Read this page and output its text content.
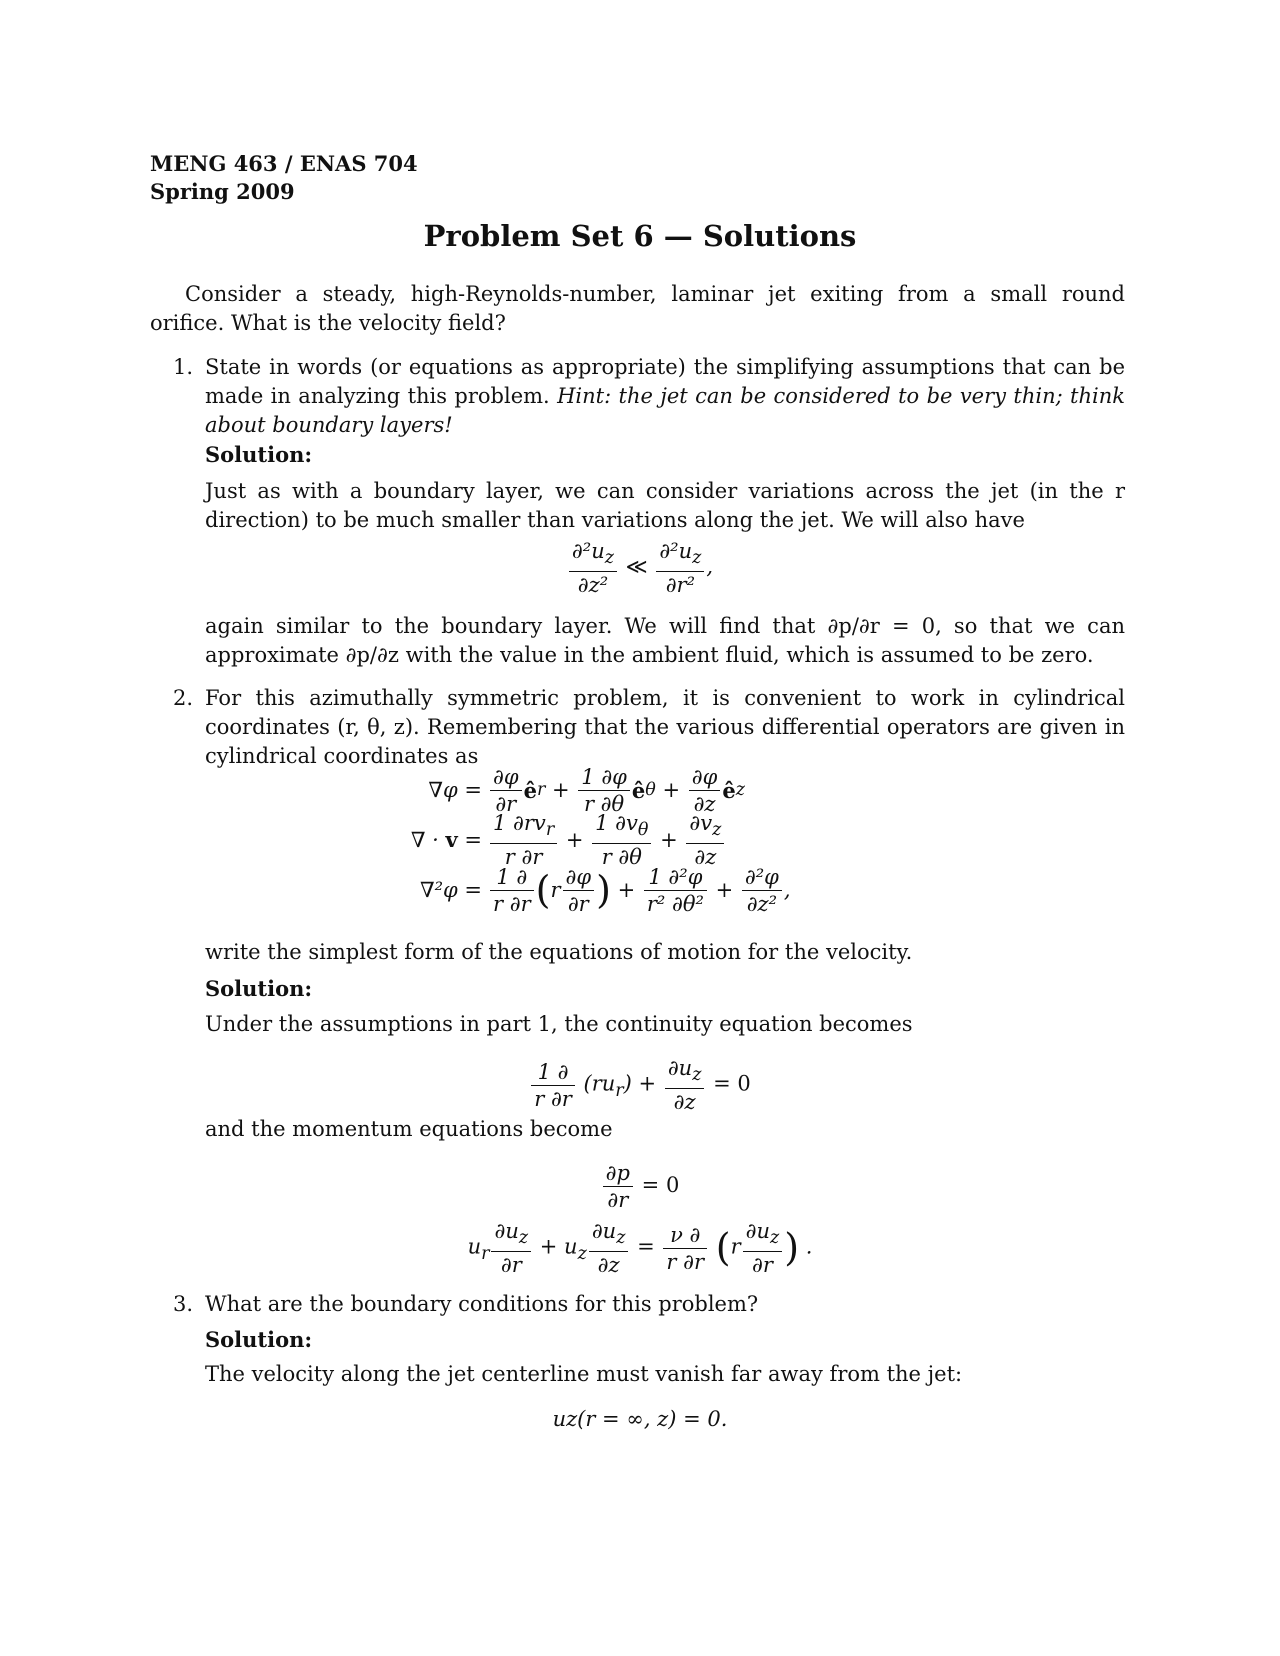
MENG 463 / ENAS 704
Spring 2009
Problem Set 6 — Solutions
Consider a steady, high-Reynolds-number, laminar jet exiting from a small round orifice. What is the velocity field?
1. State in words (or equations as appropriate) the simplifying assumptions that can be made in analyzing this problem. Hint: the jet can be considered to be very thin; think about boundary layers!
Solution:
Just as with a boundary layer, we can consider variations across the jet (in the r direction) to be much smaller than variations along the jet. We will also have
$\frac{\partial^2u_z}{\text{∂z²}}$ ≪ $\frac{\partial^2u_z}{\text{∂r²}}$ ,
again similar to the boundary layer. We will find that ∂p/∂r = 0, so that we can approximate ∂p/∂z with the value in the ambient fluid, which is assumed to be zero.
2. For this azimuthally symmetric problem, it is convenient to work in cylindrical coordinates (r, θ, z). Remembering that the various differential operators are given in cylindrical coordinates as
$\nabla\varphi = \frac{\partial\varphi}{\partial r}$ ê $r + \frac{1 \partial\varphi}{r \partial\theta}$ ê $\theta + \frac{\partial\varphi}{\partial z}$ ê z
∇ · $v = \frac{1 \partial rv_r}{r \partial r} + \frac{1 \partial v_\theta}{r \partial\theta} + \frac{\partial v_z}{\partial z}$
$\nabla^2\varphi = \frac{1 \partial}{r \partial r}$ ( r $\frac{\partial\varphi}{\partial r}$ ) + $\frac{\text{1 ∂²φ}}{\text{r² ∂θ²}} + \frac{\text{∂²φ}}{\text{∂z²}}$ ,
write the simplest form of the equations of motion for the velocity.
Solution:
Under the assumptions in part 1, the continuity equation becomes
$\frac{1 \partial}{r \partial r} (ru_r) + \frac{\partial u_z}{\partial z} = 0$
and the momentum equations become
$\frac{\partial p}{\partial r} = 0$
$u_r \frac{\partial u_z}{\partial r} + u_z \frac{\partial u_z}{\partial z} = \frac{\nu \partial}{r \partial r} (r \frac{\partial u_z}{\partial r}$ ) .
3. What are the boundary conditions for this problem?
Solution:
The velocity along the jet centerline must vanish far away from the jet:
uz(r = ∞, z) = 0.
